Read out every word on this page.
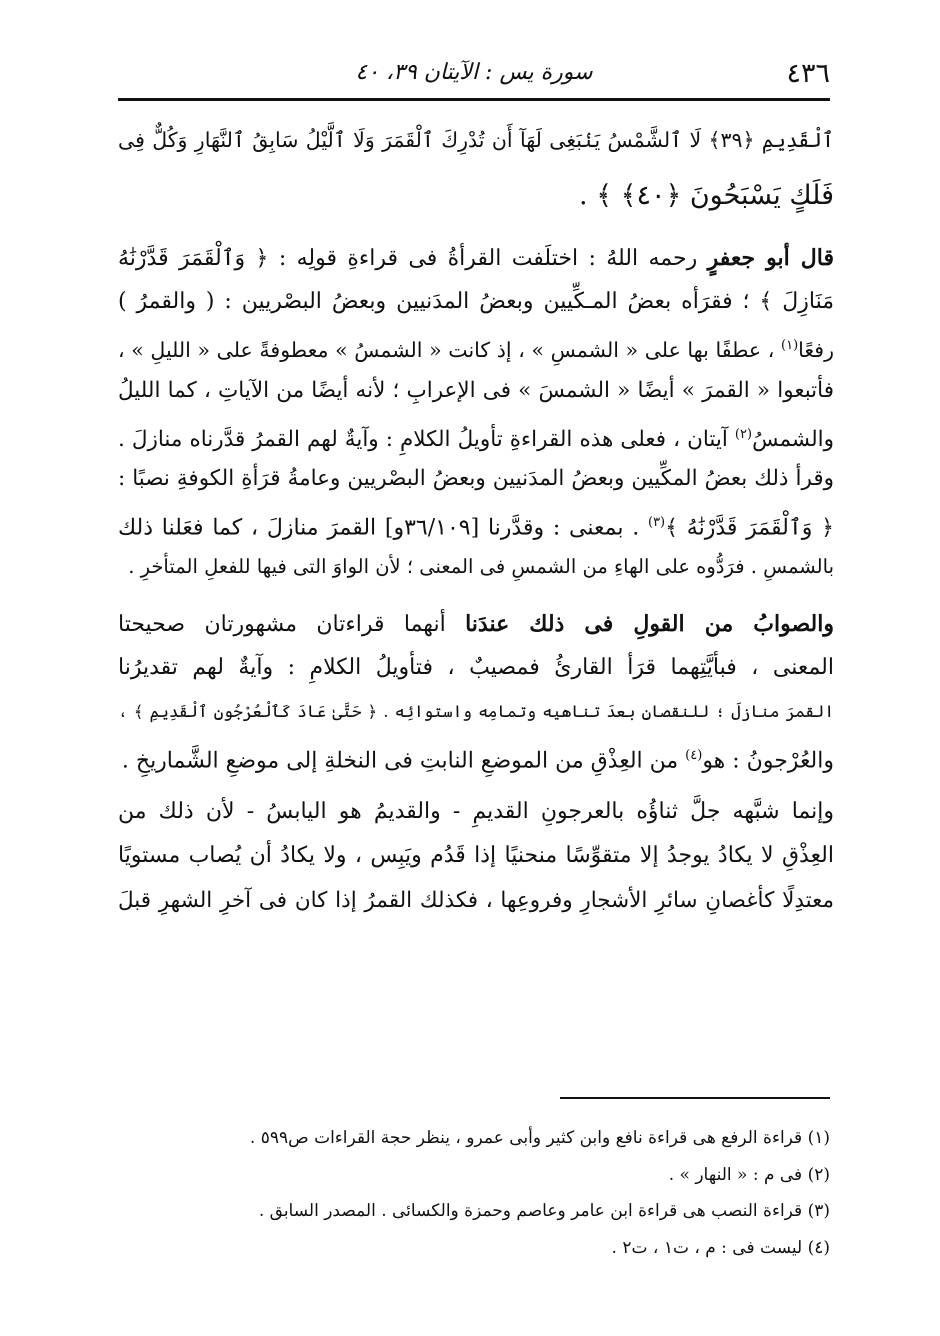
٤٣٦
سورة يس : الآيتان ٣٩، ٤٠
ٱلْقَدِيمِ ﴿٣٩﴾ لَا ٱلشَّمْسُ يَنۢبَغِى لَهَآ أَن تُدْرِكَ ٱلْقَمَرَ وَلَا ٱلَّيْلُ سَابِقُ ٱلنَّهَارِ وَكُلٌّ فِى
فَلَكٍ يَسْبَحُونَ ﴿٤٠﴾ ﴾ .
قال أبو جعفرٍ رحمه اللهُ : اختلَفت القرأةُ فى قراءةِ قولِه : ﴿ وَٱلْقَمَرَ قَدَّرْنَٰهُ
مَنَازِلَ ﴾ ؛ فقرَأه بعضُ المـكِّيين وبعضُ المدَنيين وبعضُ البصْريين : ( والقمرُ )
رفعًا$^{(١)}$ ، عطفًا بها على « الشمسِ » ، إذ كانت « الشمسُ » معطوفةً على « الليلِ » ،
فأتبعوا « القمرَ » أيضًا « الشمسَ » فى الإعرابِ ؛ لأنه أيضًا من الآياتِ ، كما الليلُ
والشمسُ$^{(٢)}$ آيتان ، فعلى هذه القراءةِ تأويلُ الكلامِ : وآيةٌ لهم القمرُ قدَّرناه منازلَ .
وقرأ ذلك بعضُ المكِّيين وبعضُ المدَنيين وبعضُ البصْريين وعامةُ قرَأةِ الكوفةِ نصبًا :
﴿ وَٱلْقَمَرَ قَدَّرْنَٰهُ ﴾$^{(٣)}$ . بمعنى : وقدَّرنا [٣٦/١٠٩و] القمرَ منازلَ ، كما فعَلنا ذلك
بالشمسِ . فرَدُّوه على الهاءِ من الشمسِ فى المعنى ؛ لأن الواوَ التى فيها للفعلِ المتأخرِ .
والصوابُ من القولِ فى ذلك عندَنا أنهما قراءتان مشهورتان صحيحتا
المعنى ، فبأيَّتِهما قرَأ القارئُ فمصيبٌ ، فتأويلُ الكلامِ : وآيةٌ لهم تقديرُنا
القمرَ منازلَ ؛ للنقصانِ بعدَ تناهيه وتمامِه واستوائِه . ﴿ حَتَّىٰ عَادَ كَٱلْعُرْجُونِ ٱلْقَدِيمِ ﴾ ،
والعُرْجونُ : هو$^{(٤)}$ من العِذْقِ من الموضعِ النابتِ فى النخلةِ إلى موضعِ الشَّماريخِ .
وإنما شبَّهه جلَّ ثناؤُه بالعرجونِ القديمِ - والقديمُ هو اليابسُ - لأن ذلك من
العِذْقِ لا يكادُ يوجدُ إلا متقوِّسًا منحنيًا إذا قَدُم ويَبِس ، ولا يكادُ أن يُصاب مستويًا
معتدِلًا كأغصانِ سائرِ الأشجارِ وفروعِها ، فكذلك القمرُ إذا كان فى آخرِ الشهرِ قبلَ
(١) قراءة الرفع هى قراءة نافع وابن كثير وأبى عمرو ، ينظر حجة القراءات ص٥٩٩ .
(٢) فى م : « النهار » .
(٣) قراءة النصب هى قراءة ابن عامر وعاصم وحمزة والكسائى . المصدر السابق .
(٤) ليست فى : م ، ت١ ، ت٢ .
